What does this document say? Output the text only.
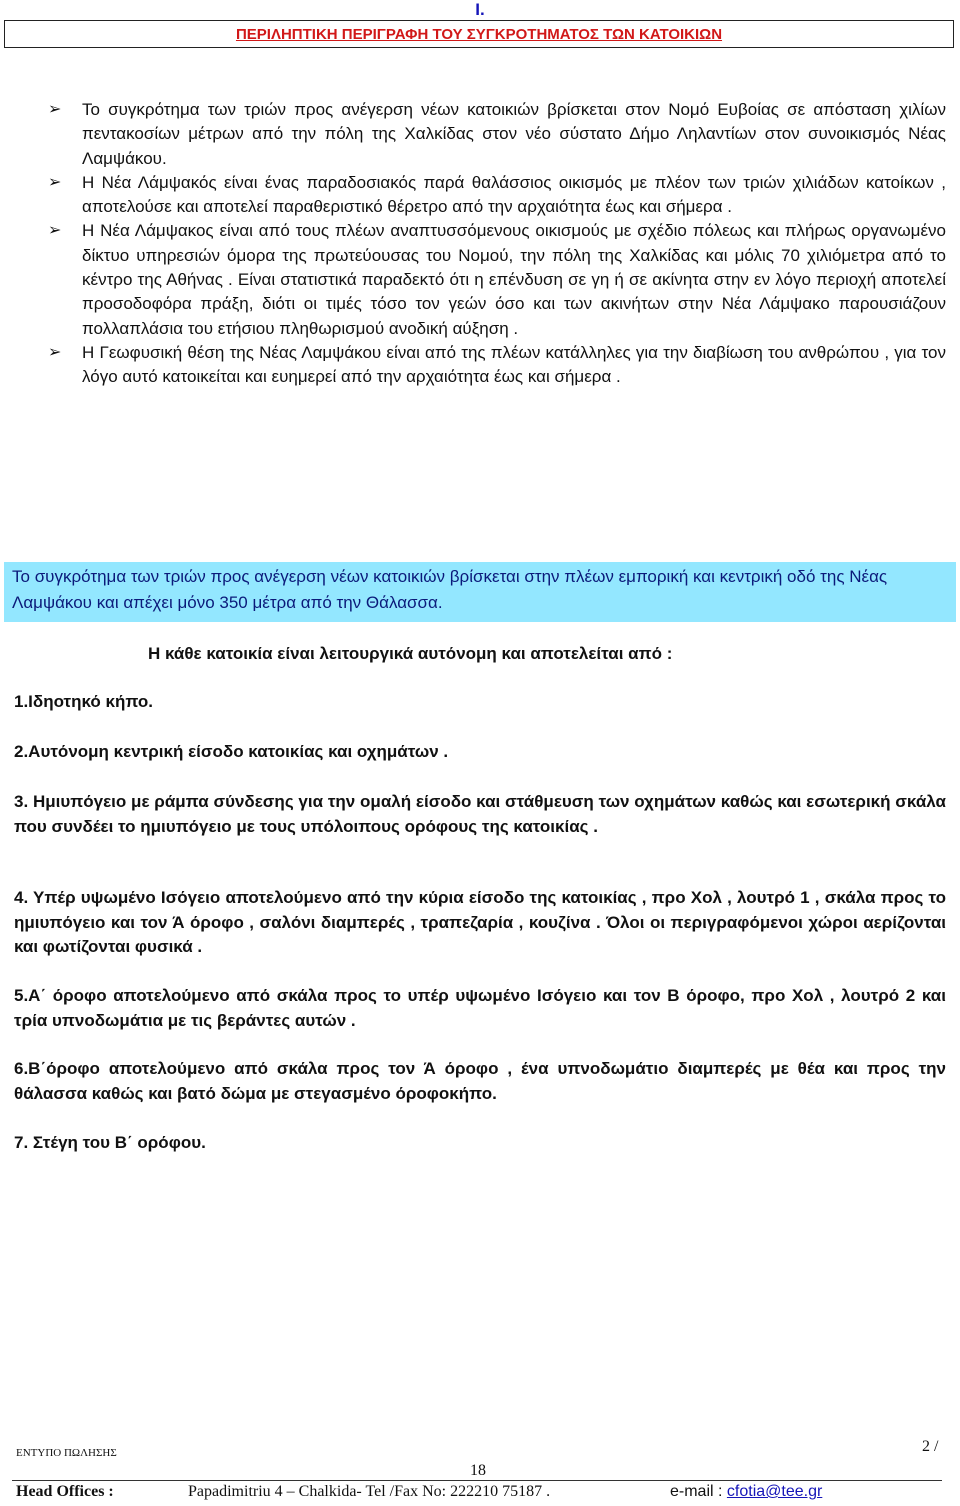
I.
ΠΕΡΙΛΗΠΤΙΚΗ ΠΕΡΙΓΡΑΦΗ ΤΟΥ ΣΥΓΚΡΟΤΗΜΑΤΟΣ ΤΩΝ ΚΑΤΟΙΚΙΩΝ
➢ Το συγκρότημα των τριών προς ανέγερση νέων κατοικιών βρίσκεται στον Νομό Ευβοίας σε απόσταση χιλίων πεντακοσίων μέτρων από την πόλη της Χαλκίδας στον νέο σύστατο Δήμο Ληλαντίων στον συνοικισμός Νέας Λαμψάκου.
➢ Η Νέα Λάμψακός είναι ένας παραδοσιακός παρά θαλάσσιος οικισμός με πλέον των τριών χιλιάδων κατοίκων , αποτελούσε και αποτελεί παραθεριστικό θέρετρο από την αρχαιότητα έως και σήμερα .
➢ Η Νέα Λάμψακος είναι από τους πλέων αναπτυσσόμενους οικισμούς με σχέδιο πόλεως και πλήρως οργανωμένο δίκτυο υπηρεσιών όμορα της πρωτεύουσας του Νομού, την πόλη της Χαλκίδας και μόλις 70 χιλιόμετρα από το κέντρο της Αθήνας . Είναι στατιστικά παραδεκτό ότι η επένδυση σε γη ή σε ακίνητα στην εν λόγο περιοχή αποτελεί προσοδοφόρα πράξη, διότι οι τιμές τόσο τον γεών όσο και των ακινήτων στην Νέα Λάμψακο παρουσιάζουν πολλαπλάσια του ετήσιου πληθωρισμού ανοδική αύξηση .
➢ Η Γεωφυσική θέση της Νέας Λαμψάκου είναι από της πλέων κατάλληλες για την διαβίωση του ανθρώπου , για τον λόγο αυτό κατοικείται και ευημερεί από την αρχαιότητα έως και σήμερα .
Το συγκρότημα των τριών προς ανέγερση νέων κατοικιών βρίσκεται στην πλέων εμπορική και κεντρική οδό της Νέας Λαμψάκου και απέχει μόνο 350 μέτρα από την Θάλασσα.
Η κάθε κατοικία είναι λειτουργικά αυτόνομη και αποτελείται από :
1.Ιδηοτηκό κήπο.
2.Αυτόνομη κεντρική είσοδο κατοικίας και οχημάτων .
3. Ημιυπόγειο με ράμπα σύνδεσης για την ομαλή είσοδο και στάθμευση των οχημάτων καθώς και εσωτερική σκάλα που συνδέει το ημιυπόγειο με τους υπόλοιπους ορόφους της κατοικίας .
4. Υπέρ υψωμένο Ισόγειο αποτελούμενο από την κύρια είσοδο της κατοικίας , προ Χολ , λουτρό 1 , σκάλα προς το ημιυπόγειο και τον Ά όροφο , σαλόνι διαμπερές , τραπεζαρία , κουζίνα . Όλοι οι περιγραφόμενοι χώροι αερίζονται και φωτίζονται φυσικά .
5.Α΄ όροφο αποτελούμενο από σκάλα προς το υπέρ υψωμένο Ισόγειο και τον Β όροφο, προ Χολ , λουτρό 2 και τρία υπνοδωμάτια με τις βεράντες αυτών .
6.Β΄όροφο αποτελούμενο από σκάλα προς τον Ά όροφο , ένα υπνοδωμάτιο διαμπερές με θέα και προς την θάλασσα καθώς και βατό δώμα με στεγασμένο όροφοκήπο.
7. Στέγη του Β΄ ορόφου.
ΕΝΤΥΠΟ ΠΩΛΗΣΗΣ	2 /
18
Head Offices :	Papadimitriu 4 – Chalkida- Tel /Fax No: 222210 75187 .	e-mail : cfotia@tee.gr
